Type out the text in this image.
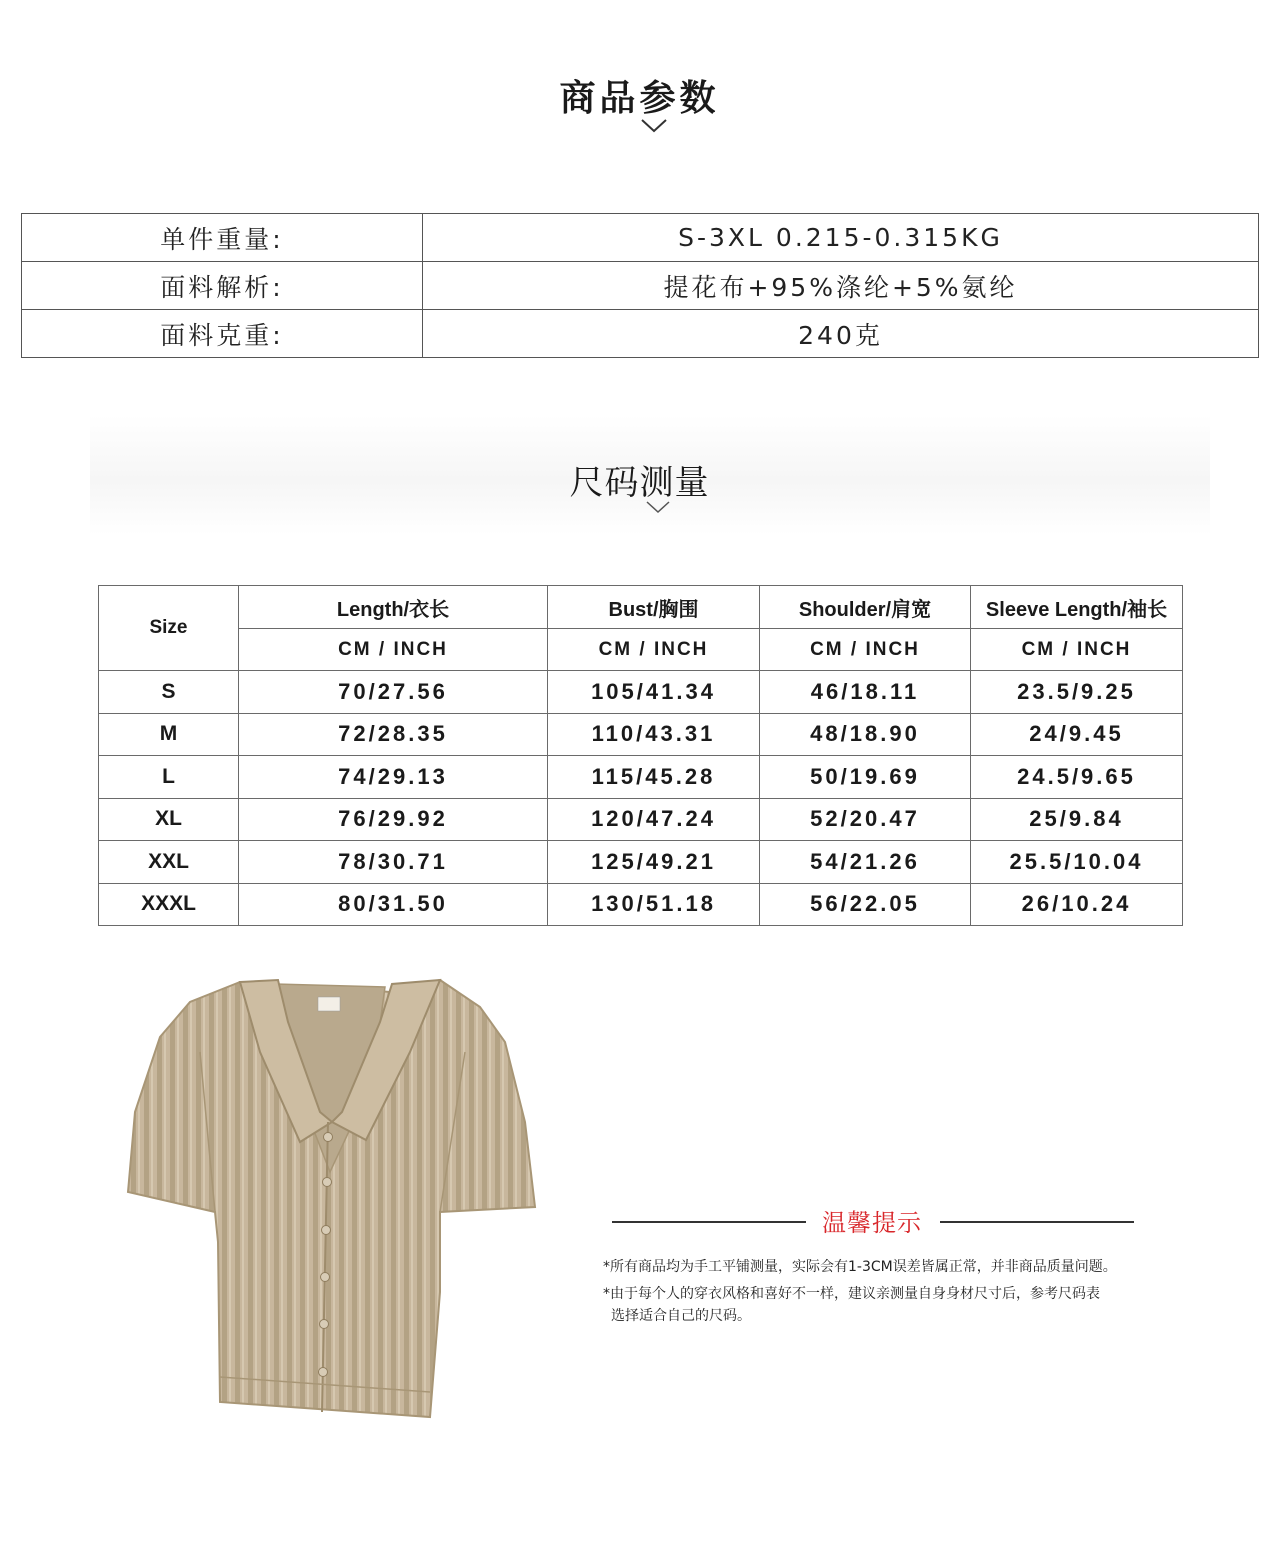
商品参数
单件重量:	S-3XL 0.215-0.315KG
面料解析:	提花布+95%涤纶+5%氨纶
面料克重:	240克
尺码测量
Size	Length/衣长	Bust/胸围	Shoulder/肩宽	Sleeve Length/袖长
	CM / INCH	CM / INCH	CM / INCH	CM / INCH
S	70/27.56	105/41.34	46/18.11	23.5/9.25
M	72/28.35	110/43.31	48/18.90	24/9.45
L	74/29.13	115/45.28	50/19.69	24.5/9.65
XL	76/29.92	120/47.24	52/20.47	25/9.84
XXL	78/30.71	125/49.21	54/21.26	25.5/10.04
XXXL	80/31.50	130/51.18	56/22.05	26/10.24
温馨提示
*所有商品均为手工平铺测量，实际会有1-3CM误差皆属正常，并非商品质量问题。
*由于每个人的穿衣风格和喜好不一样，建议亲测量自身身材尺寸后，参考尺码表
选择适合自己的尺码。
